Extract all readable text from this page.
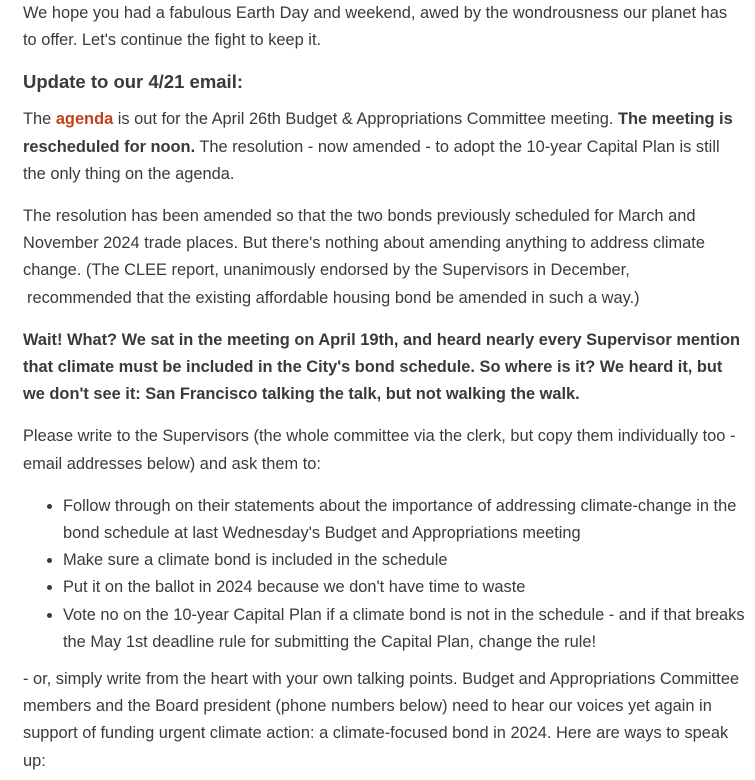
We hope you had a fabulous Earth Day and weekend, awed by the wondrousness our planet has to offer. Let's continue the fight to keep it.

Update to our 4/21 email:

The agenda is out for the April 26th Budget & Appropriations Committee meeting. The meeting is rescheduled for noon. The resolution - now amended - to adopt the 10-year Capital Plan is still the only thing on the agenda.

The resolution has been amended so that the two bonds previously scheduled for March and November 2024 trade places. But there's nothing about amending anything to address climate change. (The CLEE report, unanimously endorsed by the Supervisors in December,
recommended that the existing affordable housing bond be amended in such a way.)

Wait! What? We sat in the meeting on April 19th, and heard nearly every Supervisor mention that climate must be included in the City's bond schedule. So where is it? We heard it, but we don't see it: San Francisco talking the talk, but not walking the walk.

Please write to the Supervisors (the whole committee via the clerk, but copy them individually too - email addresses below) and ask them to:

• Follow through on their statements about the importance of addressing climate-change in the bond schedule at last Wednesday's Budget and Appropriations meeting
• Make sure a climate bond is included in the schedule
• Put it on the ballot in 2024 because we don't have time to waste
• Vote no on the 10-year Capital Plan if a climate bond is not in the schedule - and if that breaks the May 1st deadline rule for submitting the Capital Plan, change the rule!

- or, simply write from the heart with your own talking points. Budget and Appropriations Committee members and the Board president (phone numbers below) need to hear our voices yet again in support of funding urgent climate action: a climate-focused bond in 2024. Here are ways to speak up:
